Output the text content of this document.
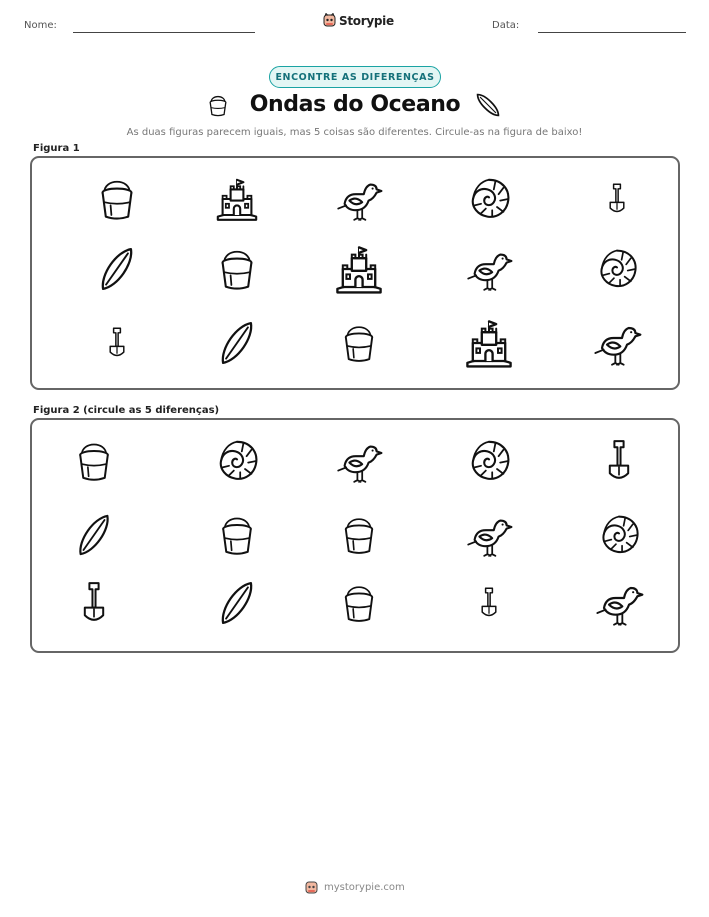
Nome:	Storypie	Data:
ENCONTRE AS DIFERENÇAS
Ondas do Oceano
As duas figuras parecem iguais, mas 5 coisas são diferentes. Circule-as na figura de baixo!
Figura 1
Figura 2 (circule as 5 diferenças)
mystorypie.com
